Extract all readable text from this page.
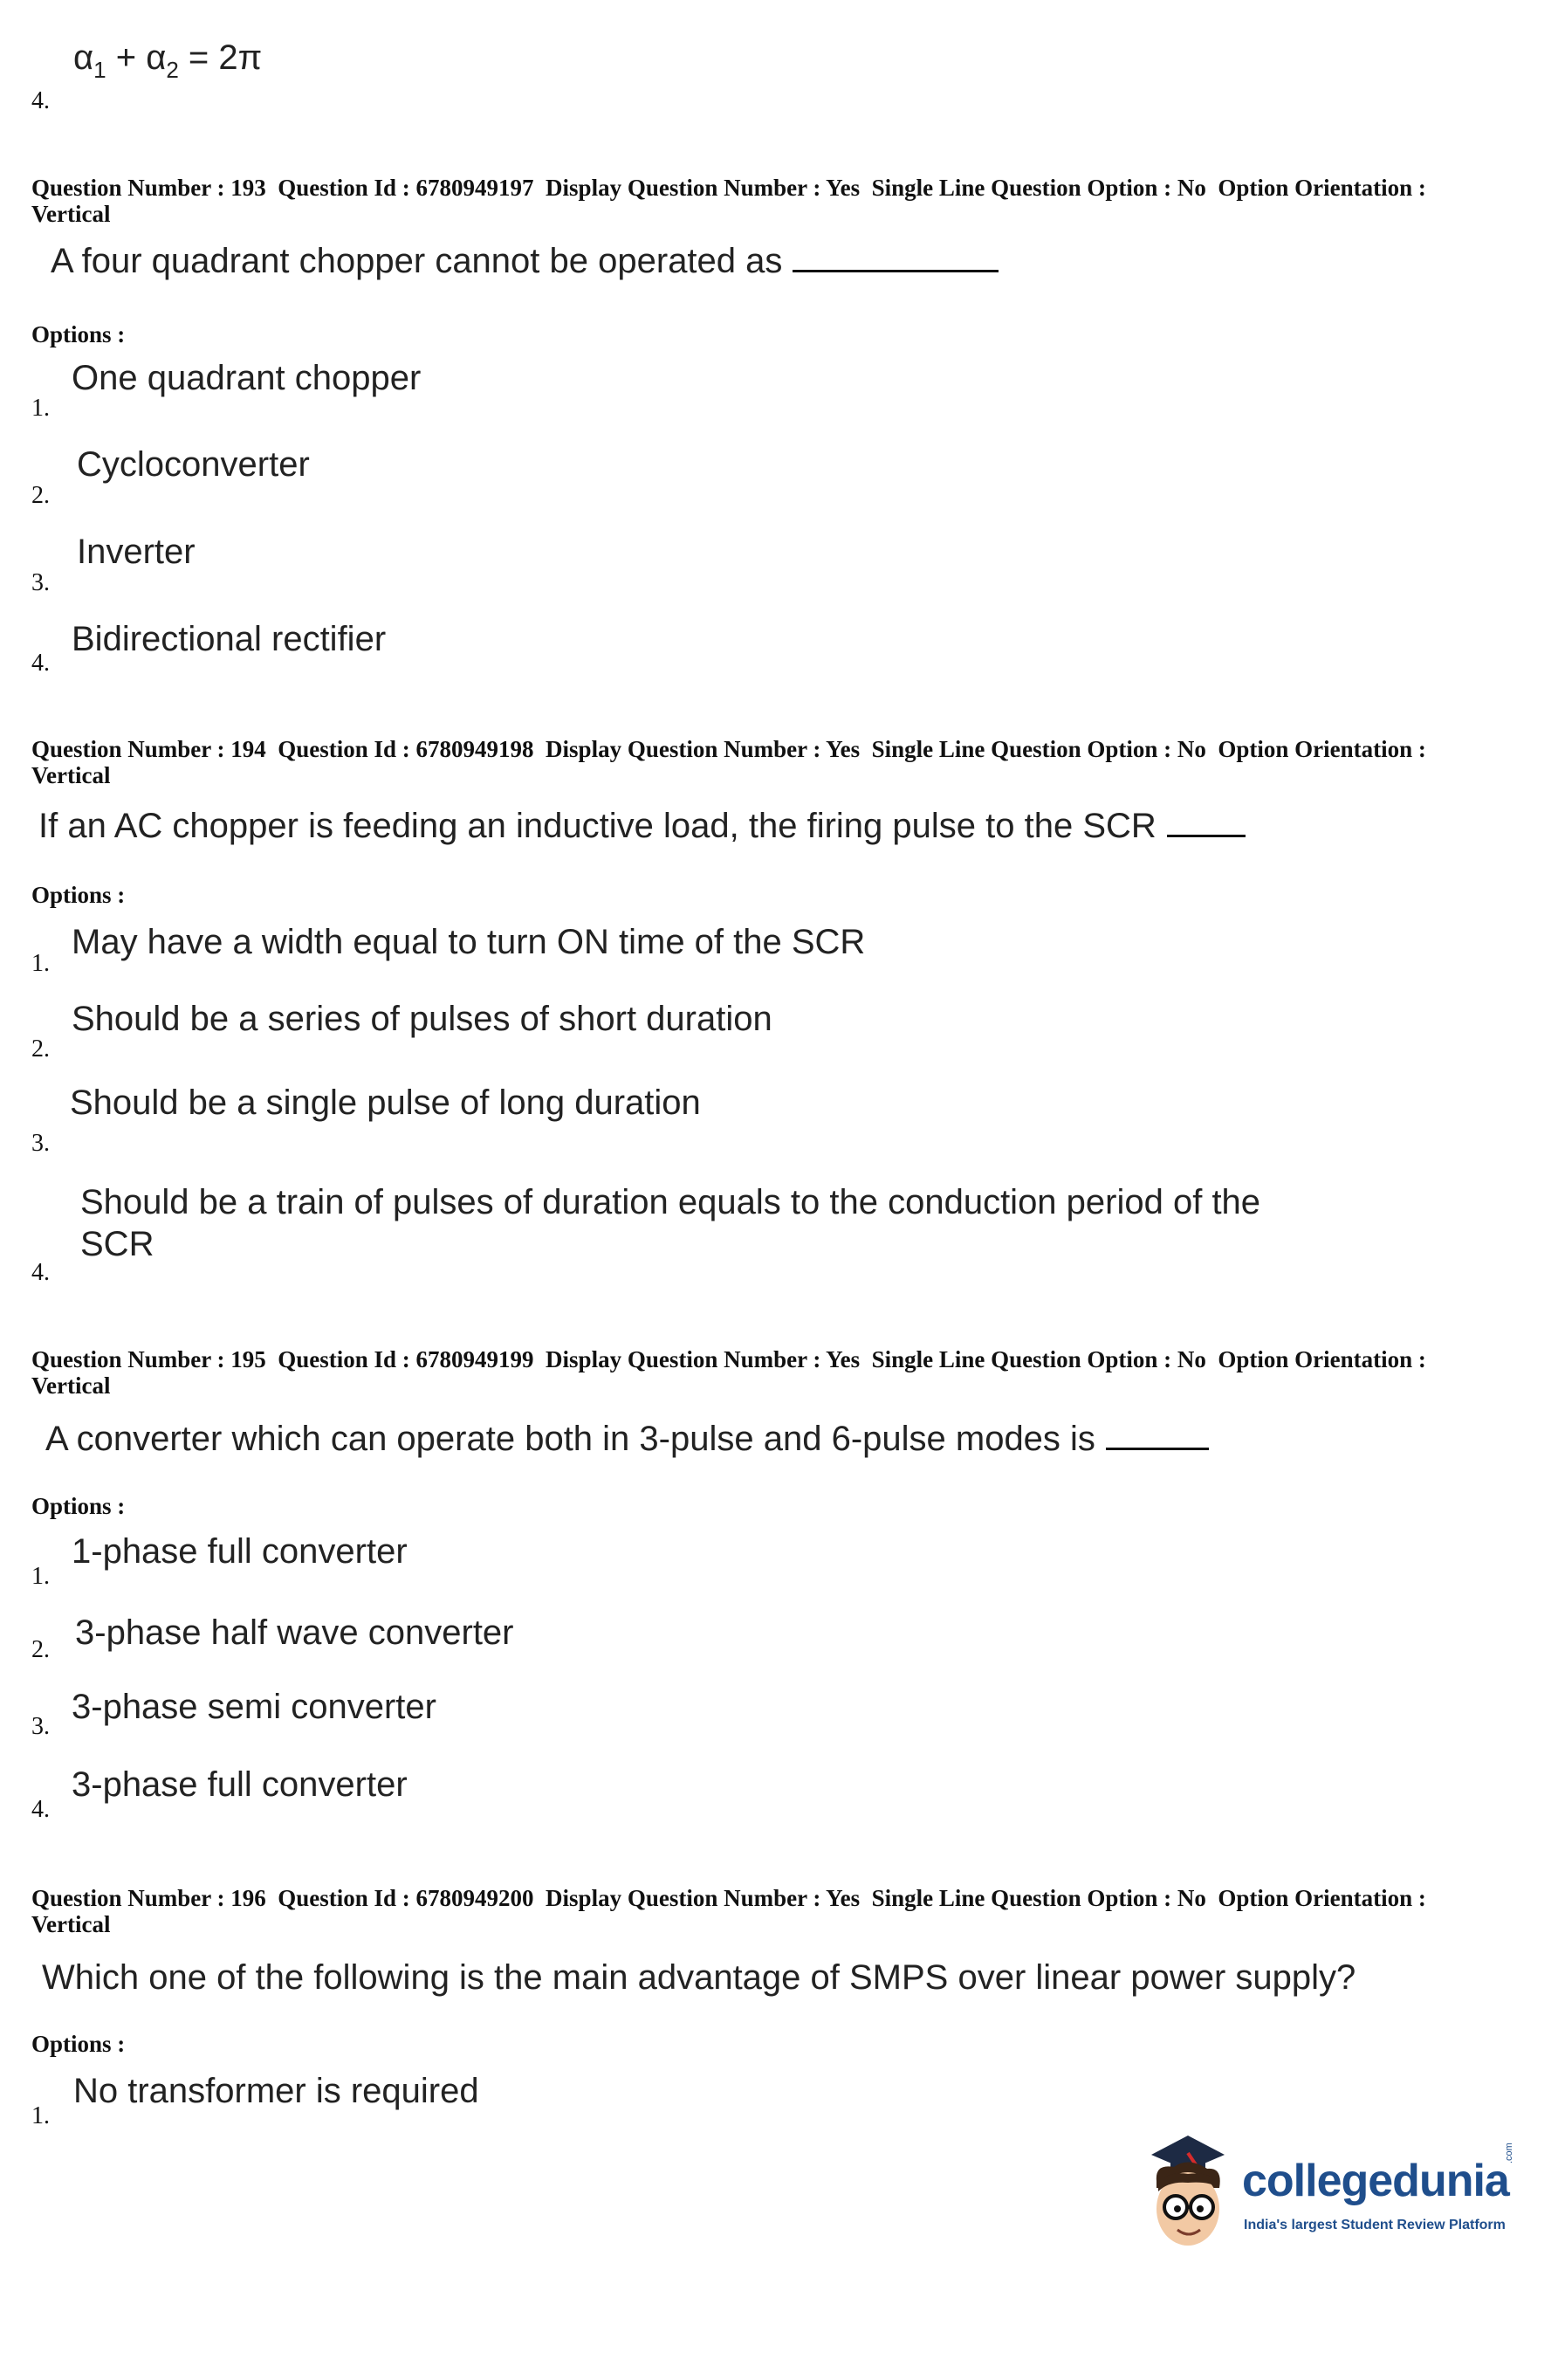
$\alpha_1 + \alpha_2 = 2\pi$
4.
Question Number : 193  Question Id : 6780949197  Display Question Number : Yes  Single Line Question Option : No  Option Orientation : Vertical
A four quadrant chopper cannot be operated as
Options :
One quadrant chopper
1.
Cycloconverter
2.
Inverter
3.
Bidirectional rectifier
4.
Question Number : 194  Question Id : 6780949198  Display Question Number : Yes  Single Line Question Option : No  Option Orientation : Vertical
If an AC chopper is feeding an inductive load, the firing pulse to the SCR
Options :
May have a width equal to turn ON time of the SCR
1.
Should be a series of pulses of short duration
2.
Should be a single pulse of long duration
3.
Should be a train of pulses of duration equals to the conduction period of the
SCR
4.
Question Number : 195  Question Id : 6780949199  Display Question Number : Yes  Single Line Question Option : No  Option Orientation : Vertical
A converter which can operate both in 3-pulse and 6-pulse modes is
Options :
1-phase full converter
1.
3-phase half wave converter
2.
3-phase semi converter
3.
3-phase full converter
4.
Question Number : 196  Question Id : 6780949200  Display Question Number : Yes  Single Line Question Option : No  Option Orientation : Vertical
Which one of the following is the main advantage of SMPS over linear power supply?
Options :
No transformer is required
1.
collegedunia
.com
India's largest Student Review Platform
